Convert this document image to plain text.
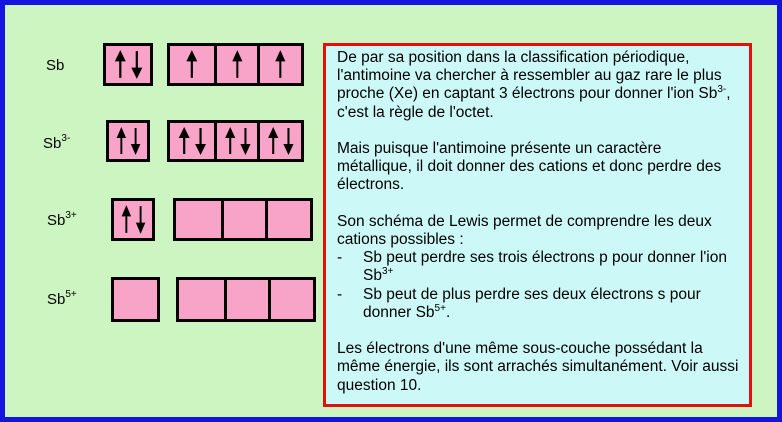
Sb
$Sb^{3-}$
$Sb^{3+}$
$Sb^{5+}$

De par sa position dans la classification périodique, l'antimoine va chercher à ressembler au gaz rare le plus proche (Xe) en captant 3 électrons pour donner l'ion $Sb^{3-}$, c'est la règle de l'octet.

Mais puisque l'antimoine présente un caractère métallique, il doit donner des cations et donc perdre des électrons.

Son schéma de Lewis permet de comprendre les deux cations possibles :

- Sb peut perdre ses trois électrons p pour donner l'ion $Sb^{3+}$
- Sb peut de plus perdre ses deux électrons s pour donner $Sb^{5+}$.

Les électrons d'une même sous-couche possédant la même énergie, ils sont arrachés simultanément. Voir aussi question 10.
